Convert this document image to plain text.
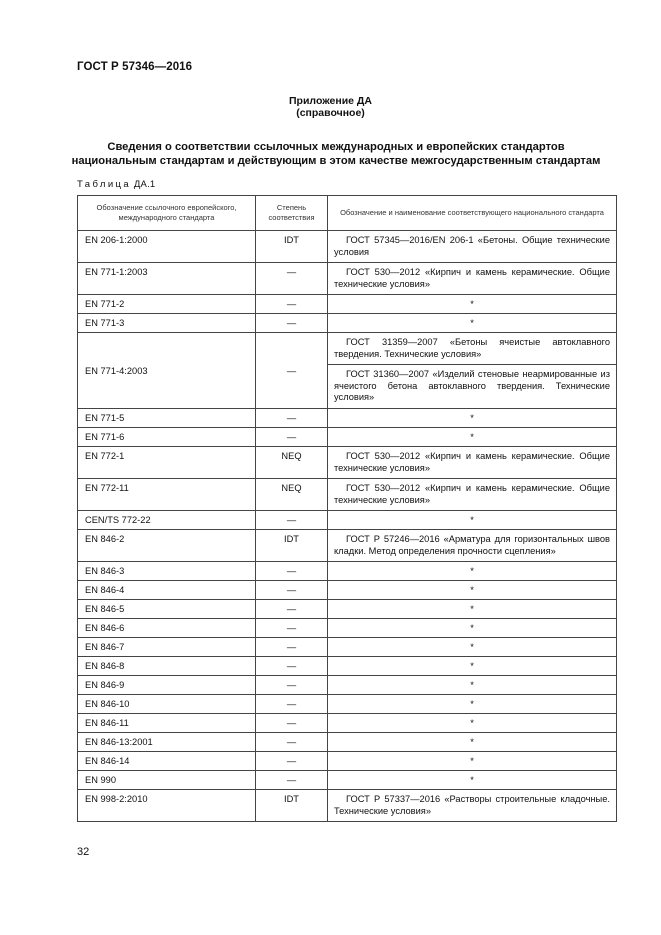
ГОСТ Р 57346—2016
Приложение ДА
(справочное)
Сведения о соответствии ссылочных международных и европейских стандартов
национальным стандартам и действующим в этом качестве межгосударственным стандартам
Таблица ДА.1
Обозначение ссылочного европейского, международного стандарта	Степень соответствия	Обозначение и наименование соответствующего национального стандарта
EN 206-1:2000	IDT	ГОСТ 57345—2016/EN 206-1 «Бетоны. Общие технические условия
EN 771-1:2003	—	ГОСТ 530—2012 «Кирпич и камень керамические. Общие технические условия»
EN 771-2	—	*
EN 771-3	—	*
EN 771-4:2003	—	ГОСТ 31359—2007 «Бетоны ячеистые автоклавного твердения. Технические условия»
		ГОСТ 31360—2007 «Изделий стеновые неармированные из ячеистого бетона автоклавного твердения. Технические условия»
EN 771-5	—	*
EN 771-6	—	*
EN 772-1	NEQ	ГОСТ 530—2012 «Кирпич и камень керамические. Общие технические условия»
EN 772-11	NEQ	ГОСТ 530—2012 «Кирпич и камень керамические. Общие технические условия»
CEN/TS 772-22	—	*
EN 846-2	IDT	ГОСТ Р 57246—2016 «Арматура для горизонтальных швов кладки. Метод определения прочности сцепления»
EN 846-3	—	*
EN 846-4	—	*
EN 846-5	—	*
EN 846-6	—	*
EN 846-7	—	*
EN 846-8	—	*
EN 846-9	—	*
EN 846-10	—	*
EN 846-11	—	*
EN 846-13:2001	—	*
EN 846-14	—	*
EN 990	—	*
EN 998-2:2010	IDT	ГОСТ Р 57337—2016 «Растворы строительные кладочные. Технические условия»
32
